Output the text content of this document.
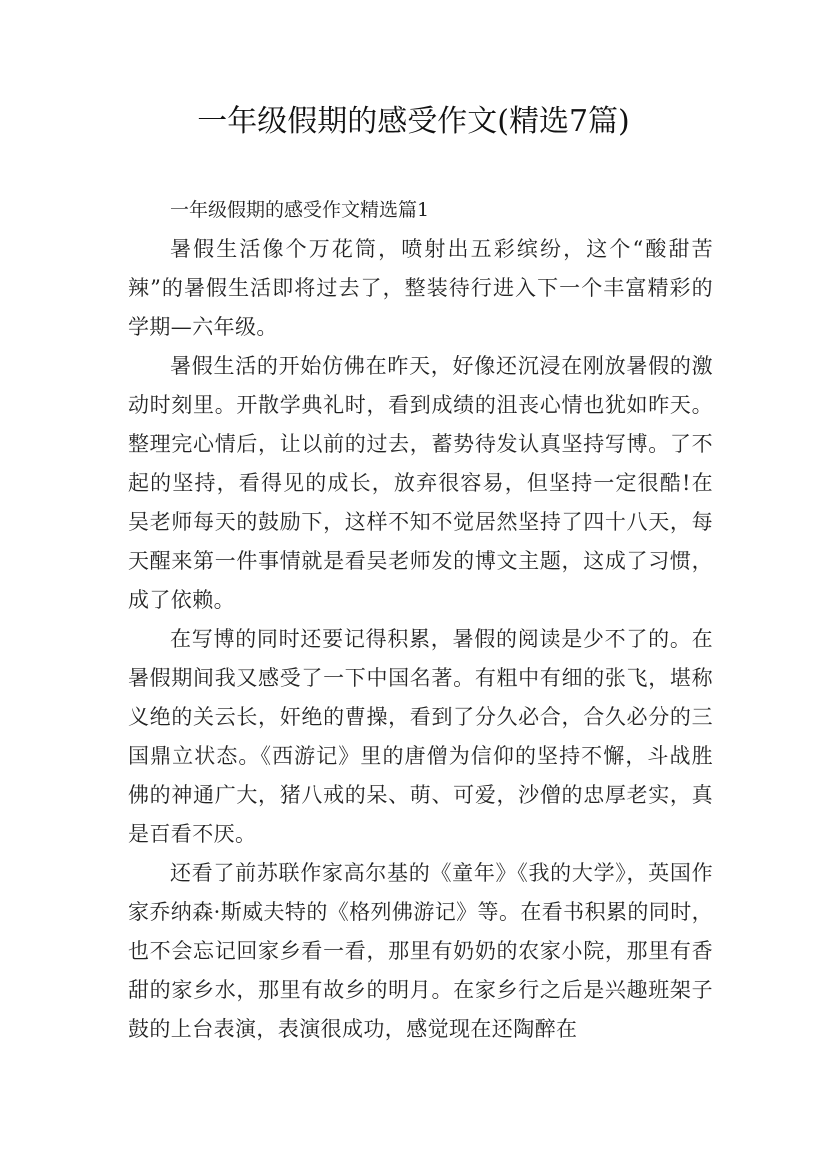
一年级假期的感受作文(精选7篇)

一年级假期的感受作文精选篇1

暑假生活像个万花筒，喷射出五彩缤纷，这个“酸甜苦辣”的暑假生活即将过去了，整装待行进入下一个丰富精彩的学期—六年级。

暑假生活的开始仿佛在昨天，好像还沉浸在刚放暑假的激动时刻里。开散学典礼时，看到成绩的沮丧心情也犹如昨天。整理完心情后，让以前的过去，蓄势待发认真坚持写博。了不起的坚持，看得见的成长，放弃很容易，但坚持一定很酷!在吴老师每天的鼓励下，这样不知不觉居然坚持了四十八天，每天醒来第一件事情就是看吴老师发的博文主题，这成了习惯，成了依赖。

在写博的同时还要记得积累，暑假的阅读是少不了的。在暑假期间我又感受了一下中国名著。有粗中有细的张飞，堪称义绝的关云长，奸绝的曹操，看到了分久必合，合久必分的三国鼎立状态。《西游记》里的唐僧为信仰的坚持不懈，斗战胜佛的神通广大，猪八戒的呆、萌、可爱，沙僧的忠厚老实，真是百看不厌。

还看了前苏联作家高尔基的《童年》《我的大学》，英国作家乔纳森·斯威夫特的《格列佛游记》等。在看书积累的同时，也不会忘记回家乡看一看，那里有奶奶的农家小院，那里有香甜的家乡水，那里有故乡的明月。在家乡行之后是兴趣班架子鼓的上台表演，表演很成功，感觉现在还陶醉在
